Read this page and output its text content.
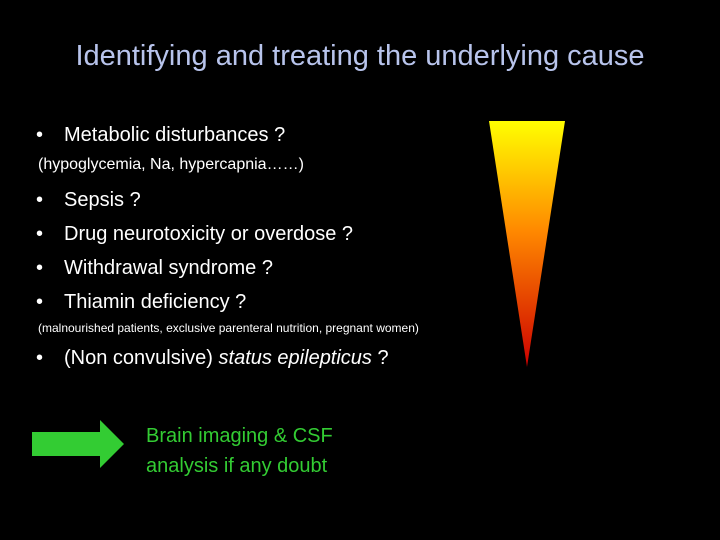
Identifying and treating the underlying cause
• Metabolic disturbances ?
(hypoglycemia, Na, hypercapnia……)
• Sepsis ?
• Drug neurotoxicity or overdose ?
• Withdrawal syndrome ?
• Thiamin deficiency ?
(malnourished patients, exclusive parenteral nutrition, pregnant women)
• (Non convulsive) status epilepticus ?
Brain imaging & CSF
analysis if any doubt
